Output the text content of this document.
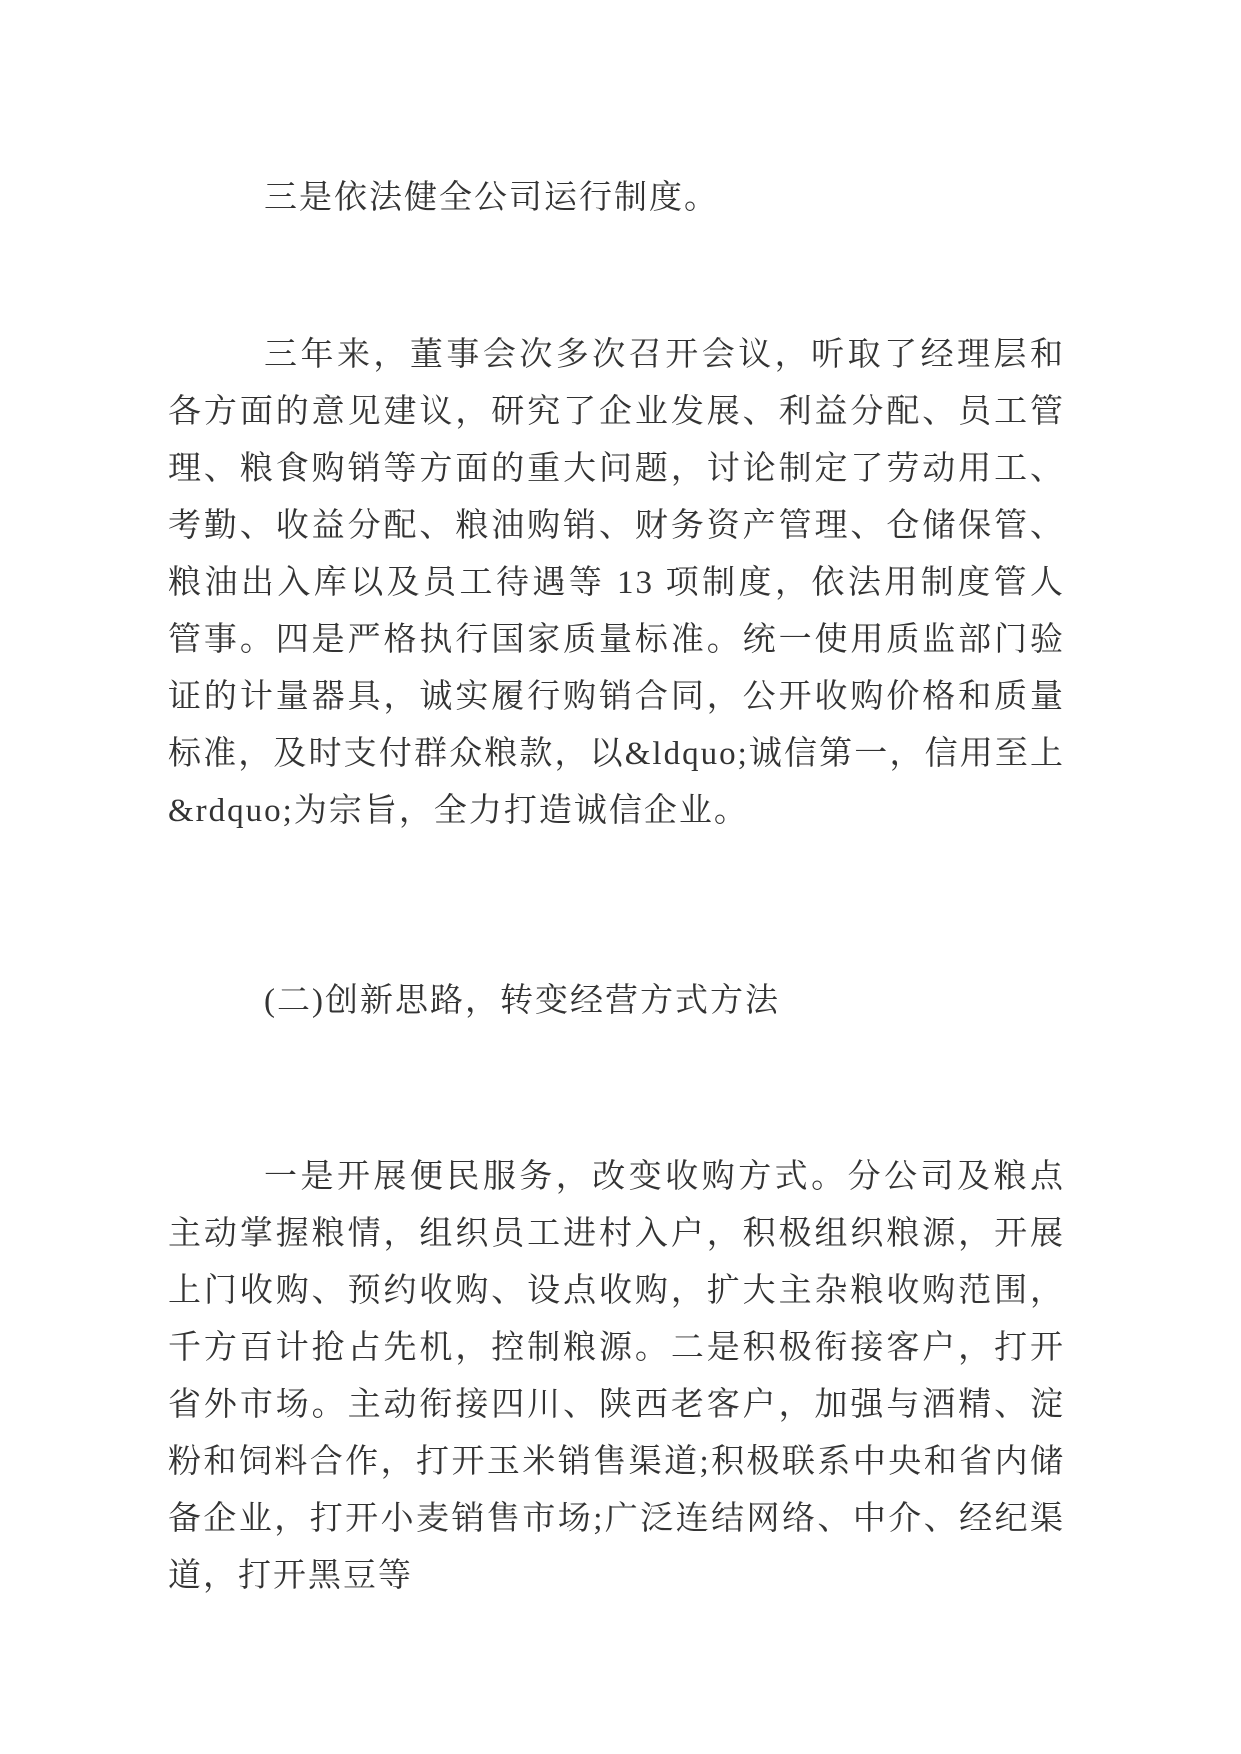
三是依法健全公司运行制度。

三年来，董事会次多次召开会议，听取了经理层和各方面的意见建议，研究了企业发展、利益分配、员工管理、粮食购销等方面的重大问题，讨论制定了劳动用工、考勤、收益分配、粮油购销、财务资产管理、仓储保管、粮油出入库以及员工待遇等 13 项制度，依法用制度管人管事。四是严格执行国家质量标准。统一使用质监部门验证的计量器具，诚实履行购销合同，公开收购价格和质量标准，及时支付群众粮款，以&ldquo;诚信第一，信用至上&rdquo;为宗旨，全力打造诚信企业。

(二)创新思路，转变经营方式方法

一是开展便民服务，改变收购方式。分公司及粮点主动掌握粮情，组织员工进村入户，积极组织粮源，开展上门收购、预约收购、设点收购，扩大主杂粮收购范围，千方百计抢占先机，控制粮源。二是积极衔接客户，打开省外市场。主动衔接四川、陕西老客户，加强与酒精、淀粉和饲料合作，打开玉米销售渠道;积极联系中央和省内储备企业，打开小麦销售市场;广泛连结网络、中介、经纪渠道，打开黑豆等
